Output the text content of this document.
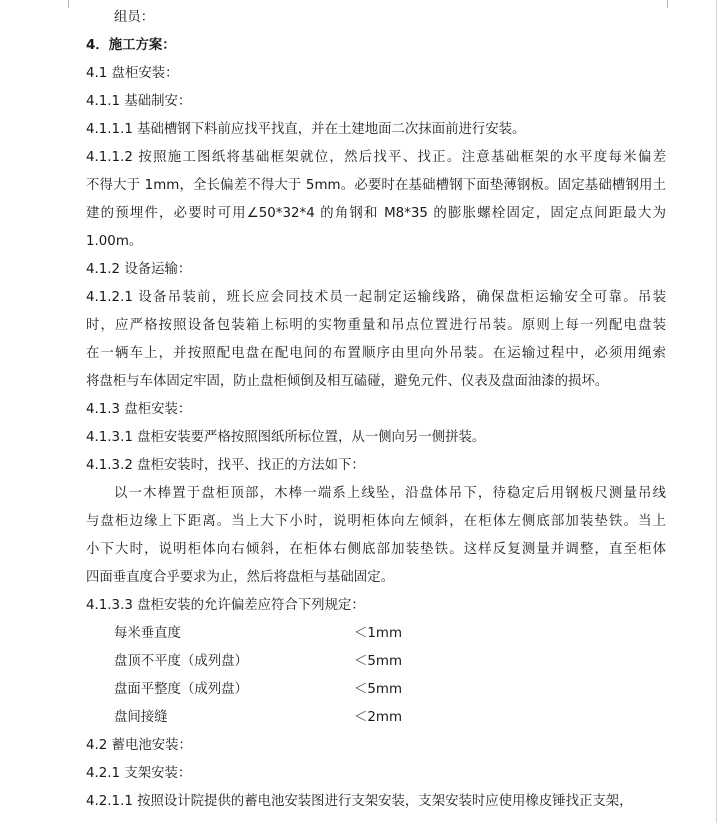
组员：
4．施工方案：
4.1 盘柜安装：
4.1.1 基础制安：
4.1.1.1 基础槽钢下料前应找平找直，并在土建地面二次抹面前进行安装。
4.1.1.2 按照施工图纸将基础框架就位，然后找平、找正。注意基础框架的水平度每米偏差
不得大于 1mm，全长偏差不得大于 5mm。必要时在基础槽钢下面垫薄钢板。固定基础槽钢用土
建的预埋件，必要时可用∠50*32*4 的角钢和 M8*35 的膨胀螺栓固定，固定点间距最大为
1.00m。
4.1.2 设备运输：
4.1.2.1 设备吊装前，班长应会同技术员一起制定运输线路，确保盘柜运输安全可靠。吊装
时，应严格按照设备包装箱上标明的实物重量和吊点位置进行吊装。原则上每一列配电盘装
在一辆车上，并按照配电盘在配电间的布置顺序由里向外吊装。在运输过程中，必须用绳索
将盘柜与车体固定牢固，防止盘柜倾倒及相互磕碰，避免元件、仪表及盘面油漆的损坏。
4.1.3 盘柜安装：
4.1.3.1 盘柜安装要严格按照图纸所标位置，从一侧向另一侧拼装。
4.1.3.2 盘柜安装时，找平、找正的方法如下：
以一木棒置于盘柜顶部，木棒一端系上线坠，沿盘体吊下，待稳定后用钢板尺测量吊线
与盘柜边缘上下距离。当上大下小时，说明柜体向左倾斜，在柜体左侧底部加装垫铁。当上
小下大时，说明柜体向右倾斜，在柜体右侧底部加装垫铁。这样反复测量并调整，直至柜体
四面垂直度合乎要求为止，然后将盘柜与基础固定。
4.1.3.3 盘柜安装的允许偏差应符合下列规定：
每米垂直度	＜1mm
盘顶不平度（成列盘）	＜5mm
盘面平整度（成列盘）	＜5mm
盘间接缝	＜2mm
4.2 蓄电池安装：
4.2.1 支架安装：
4.2.1.1 按照设计院提供的蓄电池安装图进行支架安装，支架安装时应使用橡皮锤找正支架，
